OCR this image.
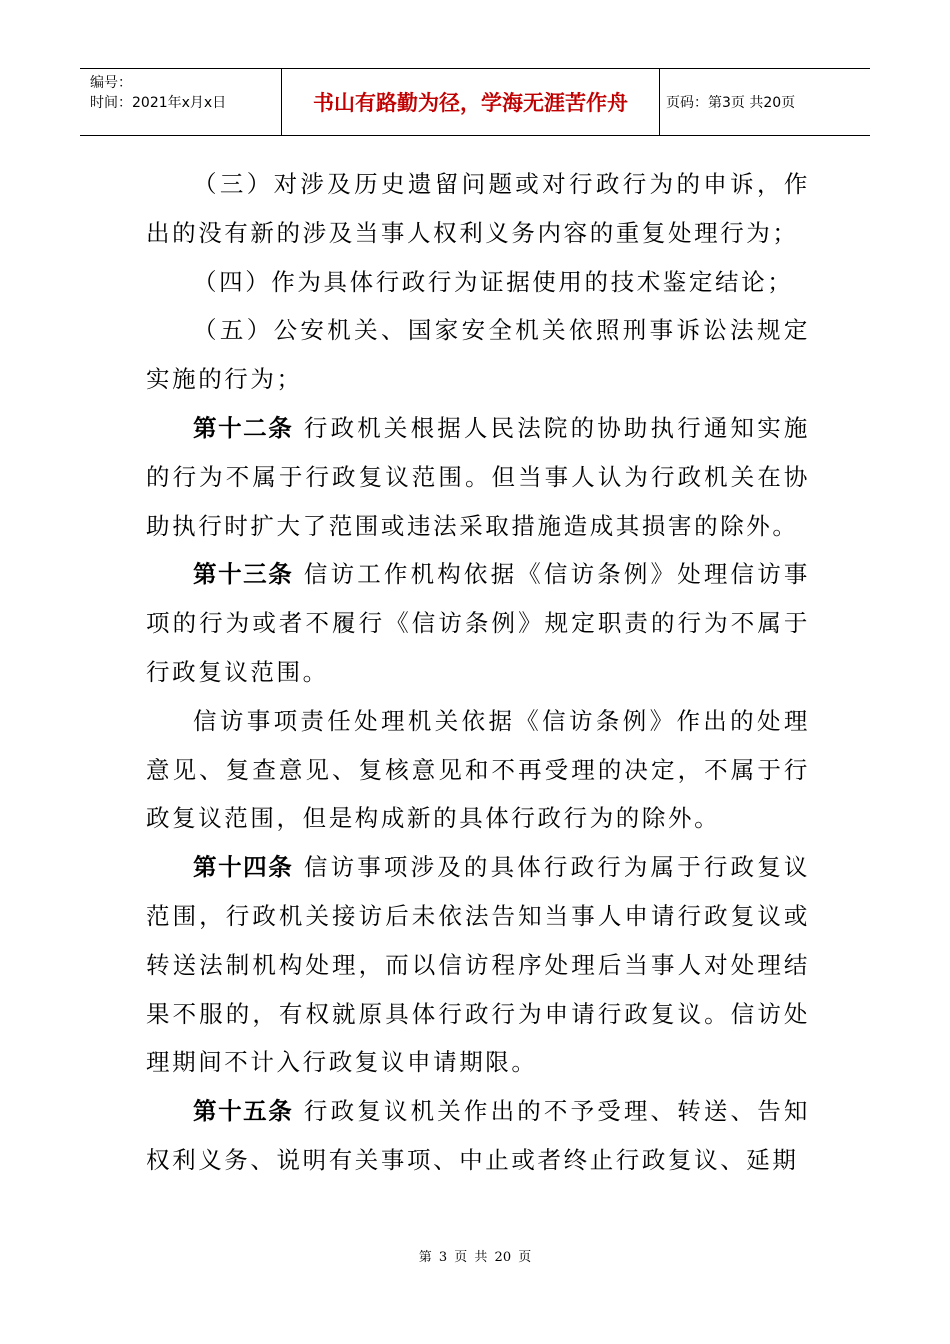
编号：
时间：2021年x月x日	书山有路勤为径，学海无涯苦作舟	页码：第3页 共20页

（三）对涉及历史遗留问题或对行政行为的申诉，作出的没有新的涉及当事人权利义务内容的重复处理行为；

（四）作为具体行政行为证据使用的技术鉴定结论；

（五）公安机关、国家安全机关依照刑事诉讼法规定实施的行为；

第十二条 行政机关根据人民法院的协助执行通知实施的行为不属于行政复议范围。但当事人认为行政机关在协助执行时扩大了范围或违法采取措施造成其损害的除外。

第十三条 信访工作机构依据《信访条例》处理信访事项的行为或者不履行《信访条例》规定职责的行为不属于行政复议范围。

信访事项责任处理机关依据《信访条例》作出的处理意见、复查意见、复核意见和不再受理的决定，不属于行政复议范围，但是构成新的具体行政行为的除外。

第十四条 信访事项涉及的具体行政行为属于行政复议范围，行政机关接访后未依法告知当事人申请行政复议或转送法制机构处理，而以信访程序处理后当事人对处理结果不服的，有权就原具体行政行为申请行政复议。信访处理期间不计入行政复议申请期限。

第十五条 行政复议机关作出的不予受理、转送、告知权利义务、说明有关事项、中止或者终止行政复议、延期

第 3 页 共 20 页
